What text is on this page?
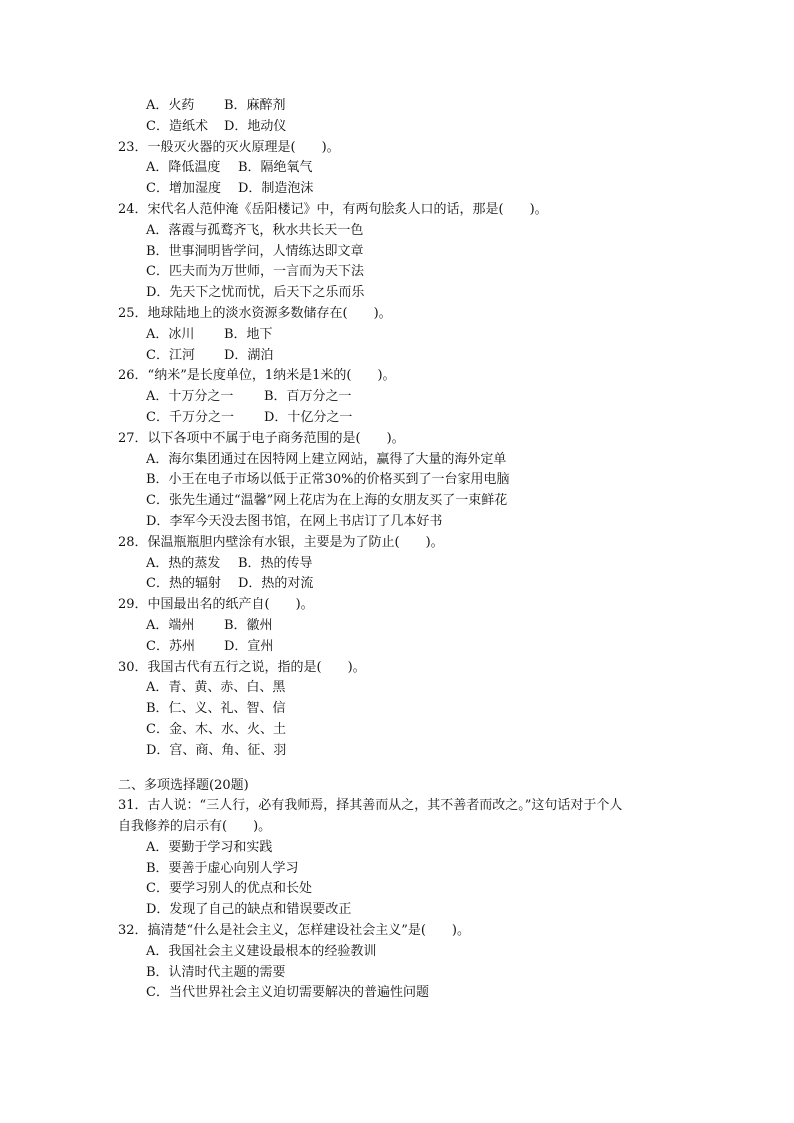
A．火药	B．麻醉剂
C．造纸术	D．地动仪
23．一般灭火器的灭火原理是(　　)。
A．降低温度	B．隔绝氧气
C．增加湿度	D．制造泡沫
24．宋代名人范仲淹《岳阳楼记》中，有两句脍炙人口的话，那是(　　)。
A．落霞与孤鹜齐飞，秋水共长天一色
B．世事洞明皆学问，人情练达即文章
C．匹夫而为万世师，一言而为天下法
D．先天下之忧而忧，后天下之乐而乐
25．地球陆地上的淡水资源多数储存在(　　)。
A．冰川	B．地下
C．江河	D．湖泊
26．“纳米”是长度单位，1纳米是1米的(　　)。
A．十万分之一	B．百万分之一
C．千万分之一	D．十亿分之一
27．以下各项中不属于电子商务范围的是(　　)。
A．海尔集团通过在因特网上建立网站，赢得了大量的海外定单
B．小王在电子市场以低于正常30%的价格买到了一台家用电脑
C．张先生通过“温馨”网上花店为在上海的女朋友买了一束鲜花
D．李军今天没去图书馆，在网上书店订了几本好书
28．保温瓶瓶胆内壁涂有水银，主要是为了防止(　　)。
A．热的蒸发	B．热的传导
C．热的辐射	D．热的对流
29．中国最出名的纸产自(　　)。
A．端州	B．徽州
C．苏州	D．宣州
30．我国古代有五行之说，指的是(　　)。
A．青、黄、赤、白、黑
B．仁、义、礼、智、信
C．金、木、水、火、土
D．宫、商、角、征、羽
二、多项选择题(20题)
31．古人说：“三人行，必有我师焉，择其善而从之，其不善者而改之。”这句话对于个人
自我修养的启示有(　　)。
A．要勤于学习和实践
B．要善于虚心向别人学习
C．要学习别人的优点和长处
D．发现了自己的缺点和错误要改正
32．搞清楚“什么是社会主义，怎样建设社会主义”是(　　)。
A．我国社会主义建设最根本的经验教训
B．认清时代主题的需要
C．当代世界社会主义迫切需要解决的普遍性问题
